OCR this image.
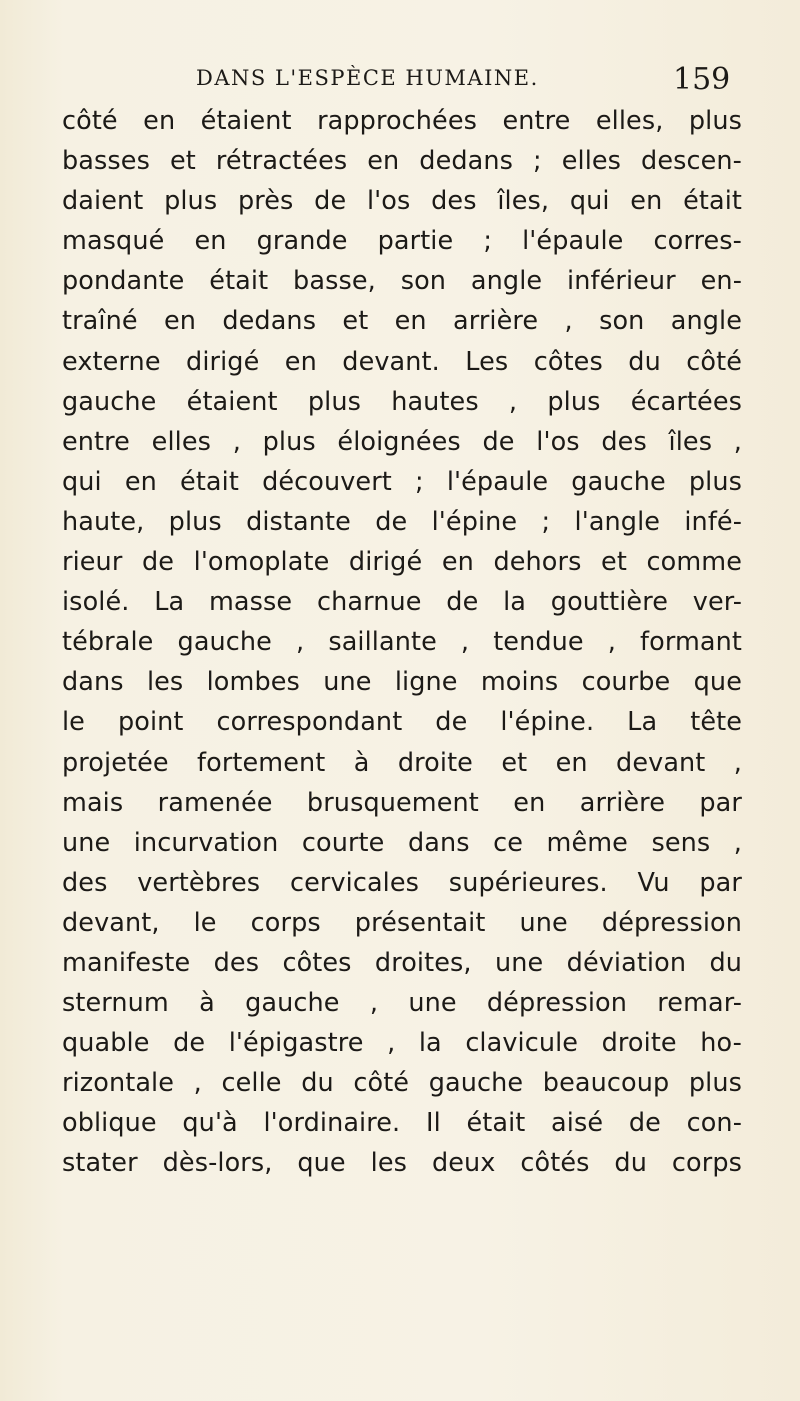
DANS L'ESPÈCE HUMAINE.	159
côté en étaient rapprochées entre elles, plus
basses et rétractées en dedans ; elles descen-
daient plus près de l'os des îles, qui en était
masqué en grande partie ; l'épaule corres-
pondante était basse, son angle inférieur en-
traîné en dedans et en arrière , son angle
externe dirigé en devant. Les côtes du côté
gauche étaient plus hautes , plus écartées
entre elles , plus éloignées de l'os des îles ,
qui en était découvert ; l'épaule gauche plus
haute, plus distante de l'épine ; l'angle infé-
rieur de l'omoplate dirigé en dehors et comme
isolé. La masse charnue de la gouttière ver-
tébrale gauche , saillante , tendue , formant
dans les lombes une ligne moins courbe que
le point correspondant de l'épine. La tête
projetée fortement à droite et en devant ,
mais ramenée brusquement en arrière par
une incurvation courte dans ce même sens ,
des vertèbres cervicales supérieures. Vu par
devant, le corps présentait une dépression
manifeste des côtes droites, une déviation du
sternum à gauche , une dépression remar-
quable de l'épigastre , la clavicule droite ho-
rizontale , celle du côté gauche beaucoup plus
oblique qu'à l'ordinaire. Il était aisé de con-
stater dès-lors, que les deux côtés du corps
